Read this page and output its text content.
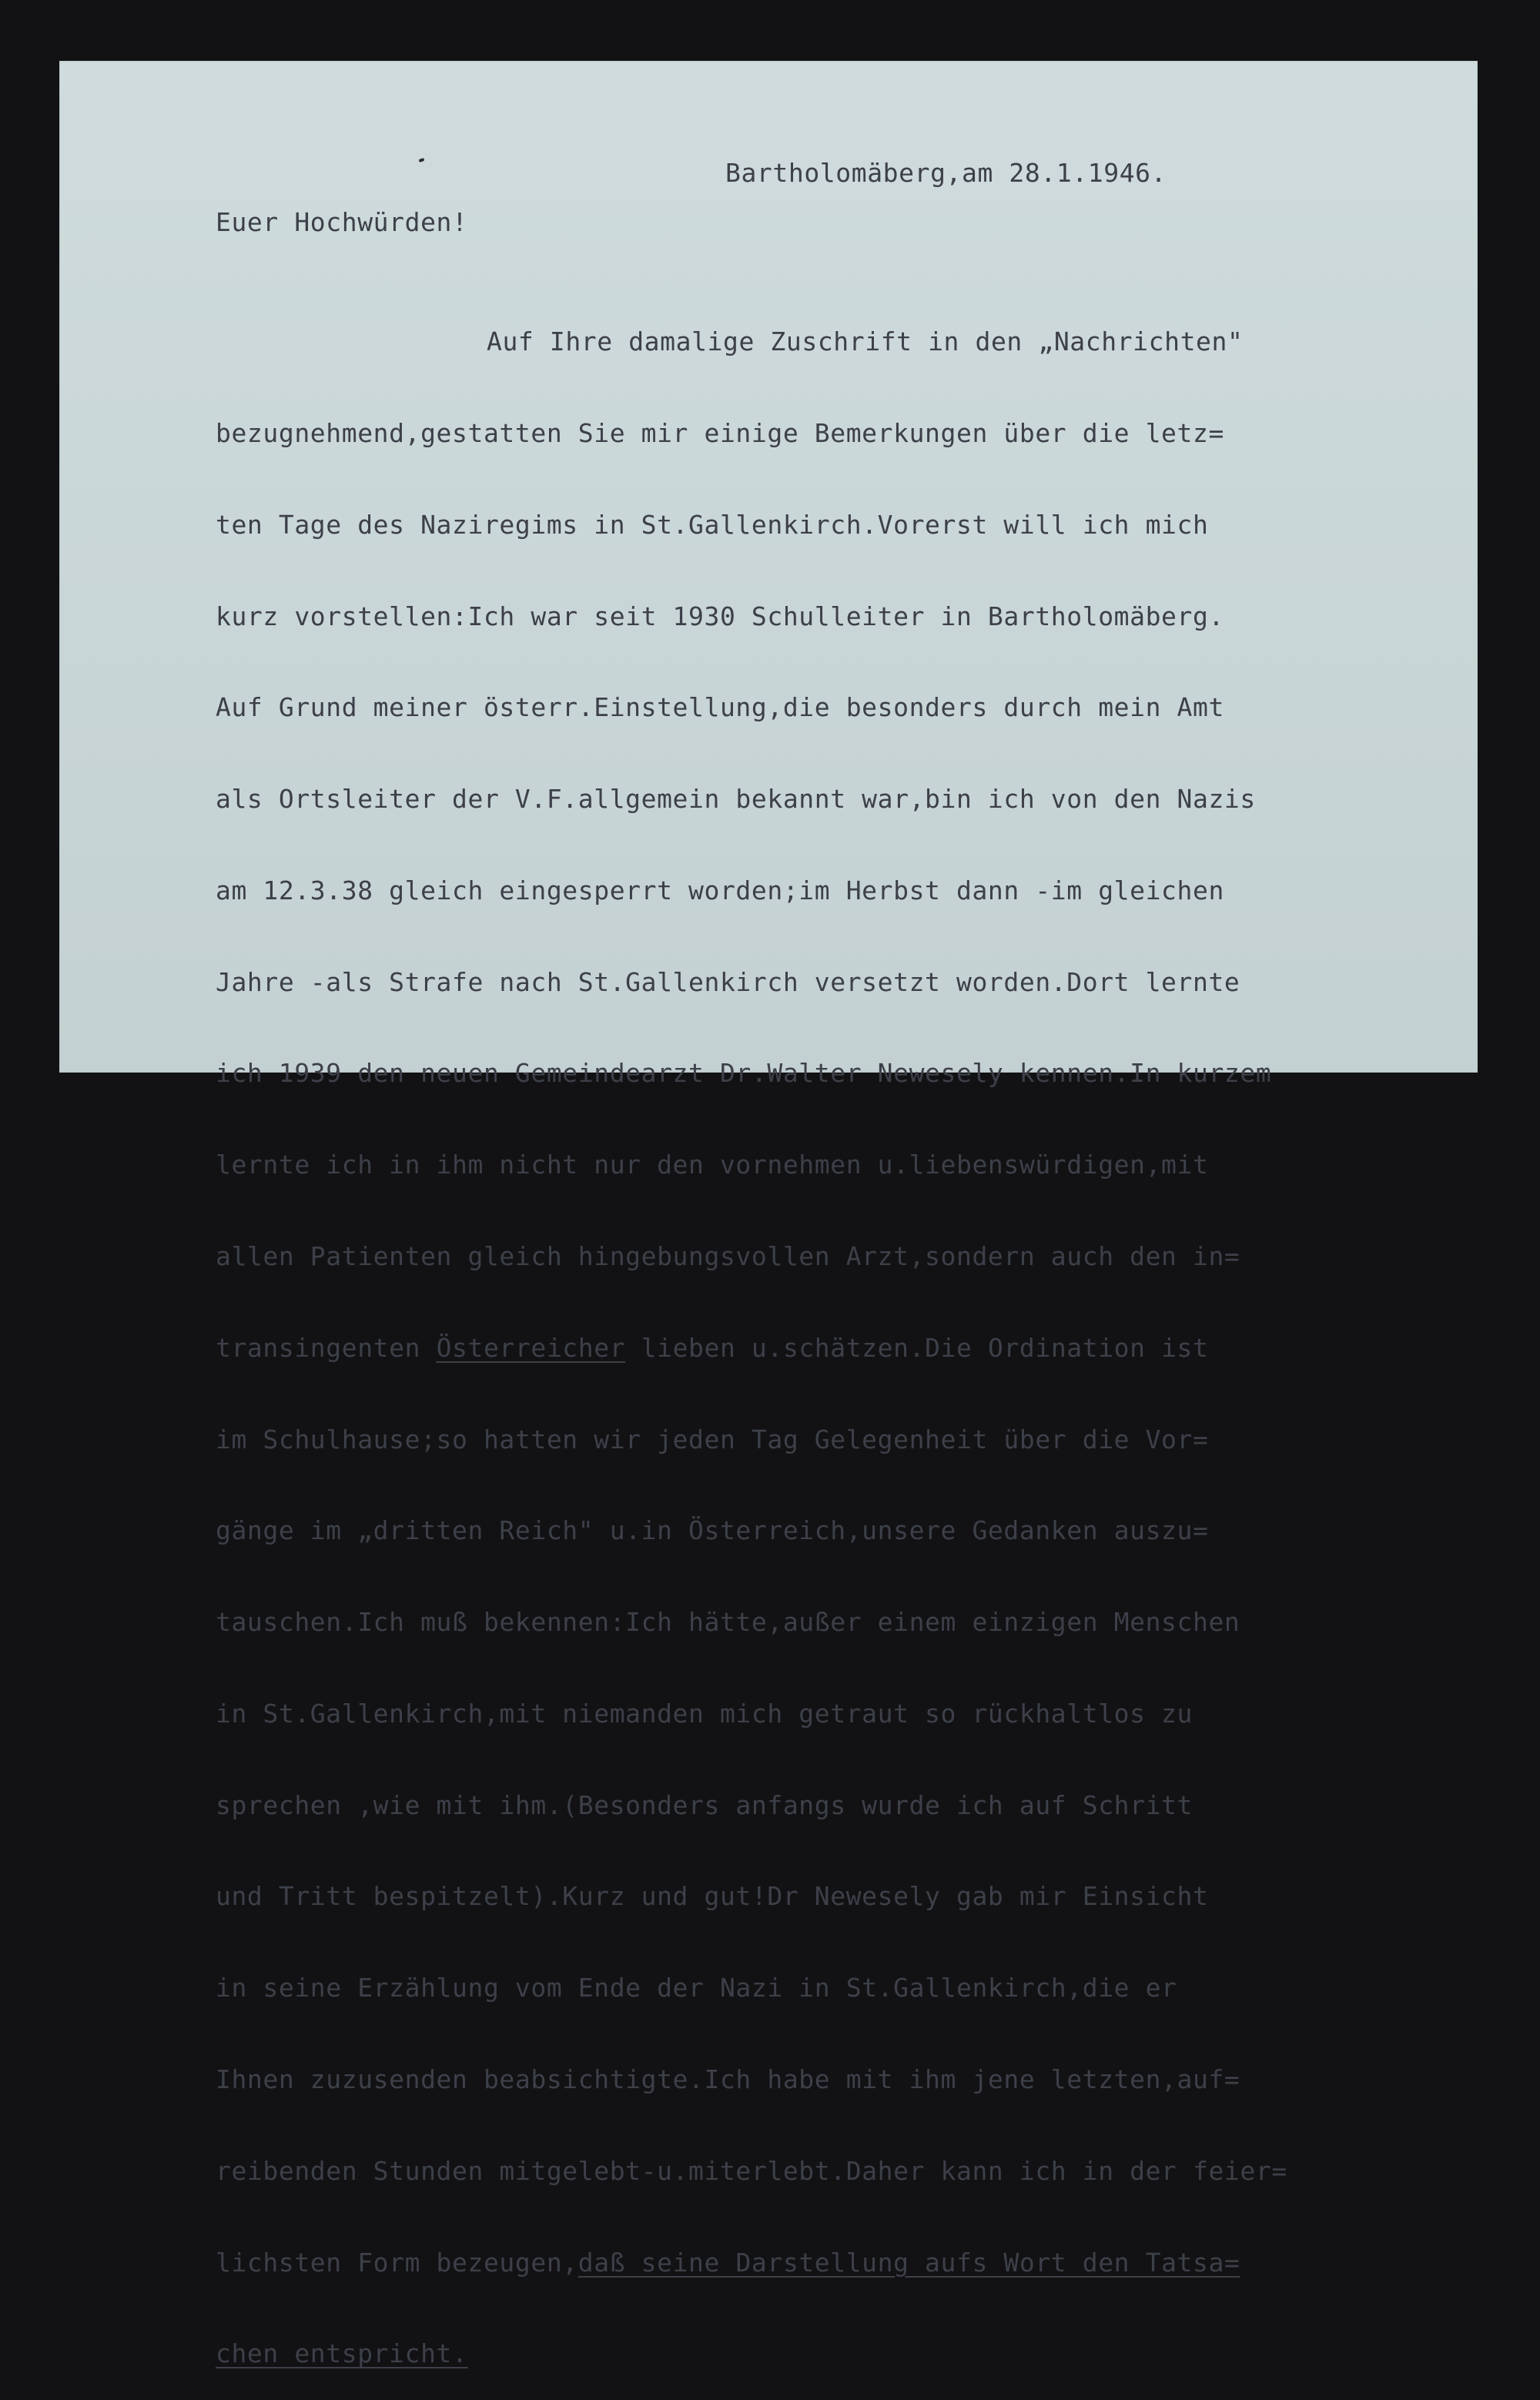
Bartholomäberg,am 28.1.1946.
Euer Hochwürden!

Auf Ihre damalige Zuschrift in den „Nachrichten"

bezugnehmend,gestatten Sie mir einige Bemerkungen über die letz=

ten Tage des Naziregims in St.Gallenkirch.Vorerst will ich mich

kurz vorstellen:Ich war seit 1930 Schulleiter in Bartholomäberg.

Auf Grund meiner österr.Einstellung,die besonders durch mein Amt

als Ortsleiter der V.F.allgemein bekannt war,bin ich von den Nazis

am 12.3.38 gleich eingesperrt worden;im Herbst dann -im gleichen

Jahre -als Strafe nach St.Gallenkirch versetzt worden.Dort lernte

ich 1939 den neuen Gemeindearzt Dr.Walter Newesely kennen.In kurzem

lernte ich in ihm nicht nur den vornehmen u.liebenswürdigen,mit

allen Patienten gleich hingebungsvollen Arzt,sondern auch den in=

transingenten Österreicher lieben u.schätzen.Die Ordination ist

im Schulhause;so hatten wir jeden Tag Gelegenheit über die Vor=

gänge im „dritten Reich" u.in Österreich,unsere Gedanken auszu=

tauschen.Ich muß bekennen:Ich hätte,außer einem einzigen Menschen

in St.Gallenkirch,mit niemanden mich getraut so rückhaltlos zu

sprechen ,wie mit ihm.(Besonders anfangs wurde ich auf Schritt

und Tritt bespitzelt).Kurz und gut!Dr Newesely gab mir Einsicht

in seine Erzählung vom Ende der Nazi in St.Gallenkirch,die er

Ihnen zuzusenden beabsichtigte.Ich habe mit ihm jene letzten,auf=

reibenden Stunden mitgelebt-u.miterlebt.Daher kann ich in der feier=

lichsten Form bezeugen,daß seine Darstellung aufs Wort den Tatsa=

chen entspricht.
